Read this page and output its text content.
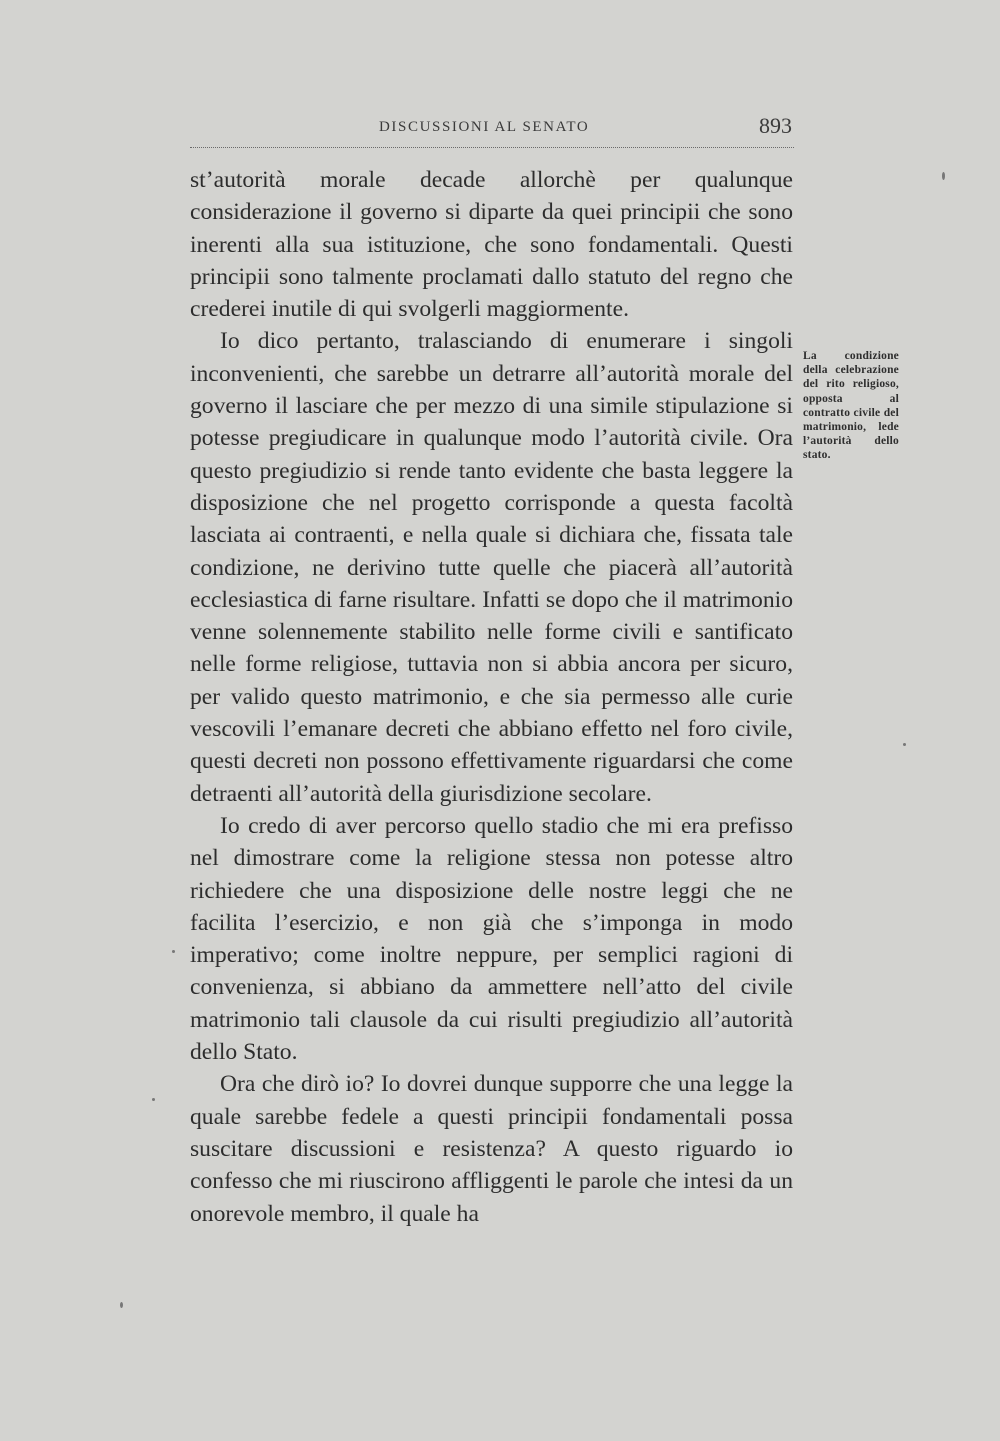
DISCUSSIONI AL SENATO	893

st’autorità morale decade allorchè per qualunque considerazione il governo si diparte da quei principii che sono inerenti alla sua istituzione, che sono fondamentali. Questi principii sono talmente proclamati dallo statuto del regno che crederei inutile di qui svolgerli maggiormente.

Io dico pertanto, tralasciando di enumerare i singoli inconvenienti, che sarebbe un detrarre all’autorità morale del governo il lasciare che per mezzo di una simile stipulazione si potesse pregiudicare in qualunque modo l’autorità civile. Ora questo pregiudizio si rende tanto evidente che basta leggere la disposizione che nel progetto corrisponde a questa facoltà lasciata ai contraenti, e nella quale si dichiara che, fissata tale condizione, ne derivino tutte quelle che piacerà all’autorità ecclesiastica di farne risultare. Infatti se dopo che il matrimonio venne solennemente stabilito nelle forme civili e santificato nelle forme religiose, tuttavia non si abbia ancora per sicuro, per valido questo matrimonio, e che sia permesso alle curie vescovili l’emanare decreti che abbiano effetto nel foro civile, questi decreti non possono effettivamente riguardarsi che come detraenti all’autorità della giurisdizione secolare.

Io credo di aver percorso quello stadio che mi era prefisso nel dimostrare come la religione stessa non potesse altro richiedere che una disposizione delle nostre leggi che ne facilita l’esercizio, e non già che s’imponga in modo imperativo; come inoltre neppure, per semplici ragioni di convenienza, si abbiano da ammettere nell’atto del civile matrimonio tali clausole da cui risulti pregiudizio all’autorità dello Stato.

Ora che dirò io? Io dovrei dunque supporre che una legge la quale sarebbe fedele a questi principii fondamentali possa suscitare discussioni e resistenza? A questo riguardo io confesso che mi riuscirono affliggenti le parole che intesi da un onorevole membro, il quale ha

La condizione della celebrazione del rito religioso, opposta al contratto civile del matrimonio, lede l’autorità dello stato.
